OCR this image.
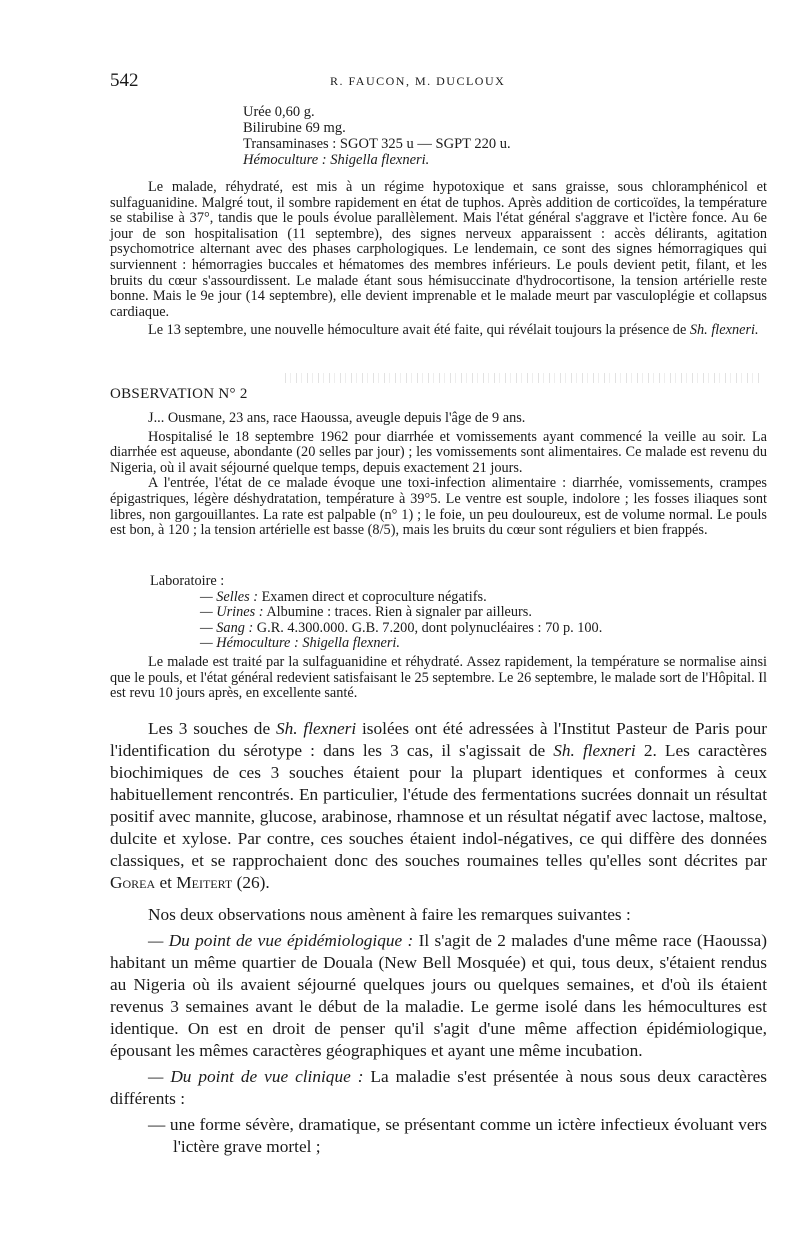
542	R. FAUCON, M. DUCLOUX
Urée 0,60 g.
Bilirubine 69 mg.
Transaminases : SGOT 325 u — SGPT 220 u.
Hémoculture : Shigella flexneri.

Le malade, réhydraté, est mis à un régime hypotoxique et sans graisse, sous chloramphénicol et sulfaguanidine. Malgré tout, il sombre rapidement en état de tuphos. Après addition de corticoïdes, la température se stabilise à 37°, tandis que le pouls évolue parallèlement. Mais l'état général s'aggrave et l'ictère fonce. Au 6e jour de son hospitalisation (11 septembre), des signes nerveux apparaissent : accès délirants, agitation psychomotrice alternant avec des phases carphologiques. Le lendemain, ce sont des signes hémorragiques qui surviennent : hémorragies buccales et hématomes des membres inférieurs. Le pouls devient petit, filant, et les bruits du cœur s'assourdissent. Le malade étant sous hémisuccinate d'hydrocortisone, la tension artérielle reste bonne. Mais le 9e jour (14 septembre), elle devient imprenable et le malade meurt par vasculoplégie et collapsus cardiaque.

Le 13 septembre, une nouvelle hémoculture avait été faite, qui révélait toujours la présence de Sh. flexneri.

OBSERVATION N° 2

J... Ousmane, 23 ans, race Haoussa, aveugle depuis l'âge de 9 ans.

Hospitalisé le 18 septembre 1962 pour diarrhée et vomissements ayant commencé la veille au soir. La diarrhée est aqueuse, abondante (20 selles par jour) ; les vomissements sont alimentaires. Ce malade est revenu du Nigeria, où il avait séjourné quelque temps, depuis exactement 21 jours.

A l'entrée, l'état de ce malade évoque une toxi-infection alimentaire : diarrhée, vomissements, crampes épigastriques, légère déshydratation, température à 39°5. Le ventre est souple, indolore ; les fosses iliaques sont libres, non gargouillantes. La rate est palpable (n° 1) ; le foie, un peu douloureux, est de volume normal. Le pouls est bon, à 120 ; la tension artérielle est basse (8/5), mais les bruits du cœur sont réguliers et bien frappés.

Laboratoire :
— Selles : Examen direct et coproculture négatifs.
— Urines : Albumine : traces. Rien à signaler par ailleurs.
— Sang : G.R. 4.300.000. G.B. 7.200, dont polynucléaires : 70 p. 100.
— Hémoculture : Shigella flexneri.

Le malade est traité par la sulfaguanidine et réhydraté. Assez rapidement, la température se normalise ainsi que le pouls, et l'état général redevient satisfaisant le 25 septembre. Le 26 septembre, le malade sort de l'Hôpital. Il est revu 10 jours après, en excellente santé.

Les 3 souches de Sh. flexneri isolées ont été adressées à l'Institut Pasteur de Paris pour l'identification du sérotype : dans les 3 cas, il s'agissait de Sh. flexneri 2. Les caractères biochimiques de ces 3 souches étaient pour la plupart identiques et conformes à ceux habituellement rencontrés. En particulier, l'étude des fermentations sucrées donnait un résultat positif avec mannite, glucose, arabinose, rhamnose et un résultat négatif avec lactose, maltose, dulcite et xylose. Par contre, ces souches étaient indol-négatives, ce qui diffère des données classiques, et se rapprochaient donc des souches roumaines telles qu'elles sont décrites par Gorea et Meitert (26).

Nos deux observations nous amènent à faire les remarques suivantes :

— Du point de vue épidémiologique : Il s'agit de 2 malades d'une même race (Haoussa) habitant un même quartier de Douala (New Bell Mosquée) et qui, tous deux, s'étaient rendus au Nigeria où ils avaient séjourné quelques jours ou quelques semaines, et d'où ils étaient revenus 3 semaines avant le début de la maladie. Le germe isolé dans les hémocultures est identique. On est en droit de penser qu'il s'agit d'une même affection épidémiologique, épousant les mêmes caractères géographiques et ayant une même incubation.

— Du point de vue clinique : La maladie s'est présentée à nous sous deux caractères différents :

— une forme sévère, dramatique, se présentant comme un ictère infectieux évoluant vers l'ictère grave mortel ;
